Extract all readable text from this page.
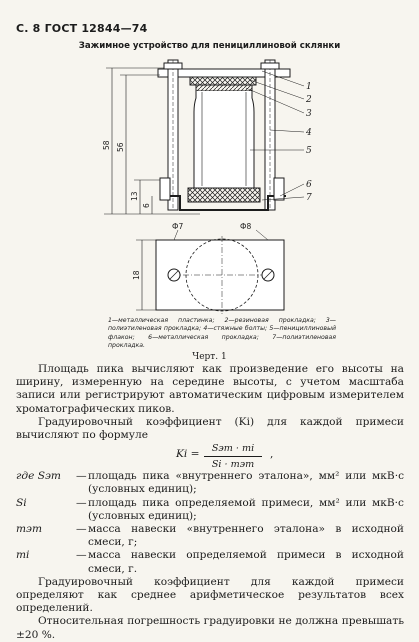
С. 8 ГОСТ 12844—74
Зажимное устройство для пенициллиновой склянки
1
2
3
4
5
6
7
58 56
13
6
18
Ф7	Ф8
1—металлическая пластинка; 2—резиновая прокладка; 3—полиэтиленовая прокладка; 4—стяжные болты; 5—пенициллиновый флакон; 6—металлическая прокладка; 7—полиэтиленовая прокладка.
Черт. 1

Площадь пика вычисляют как произведение его высоты на ширину, измеренную на середине высоты, с учетом масштаба записи или регистрируют автоматическим цифровым измерителем хроматографических пиков.

Градуировочный коэффициент (Ki) для каждой примеси вычисляют по формуле

Ki =	Sэт · mi
Si · mэт
,
где Sэт	— площадь пика «внутреннего эталона», мм² или мкВ·с (условных единиц);
Si	— площадь пика определяемой примеси, мм² или мкВ·с (условных единиц);
mэт	— масса навески «внутреннего эталона» в исходной смеси, г;
mi	— масса навески определяемой примеси в исходной смеси, г.

Градуировочный коэффициент для каждой примеси определяют как среднее арифметическое результатов всех определений.

Относительная погрешность градуировки не должна превышать ±20 %.
